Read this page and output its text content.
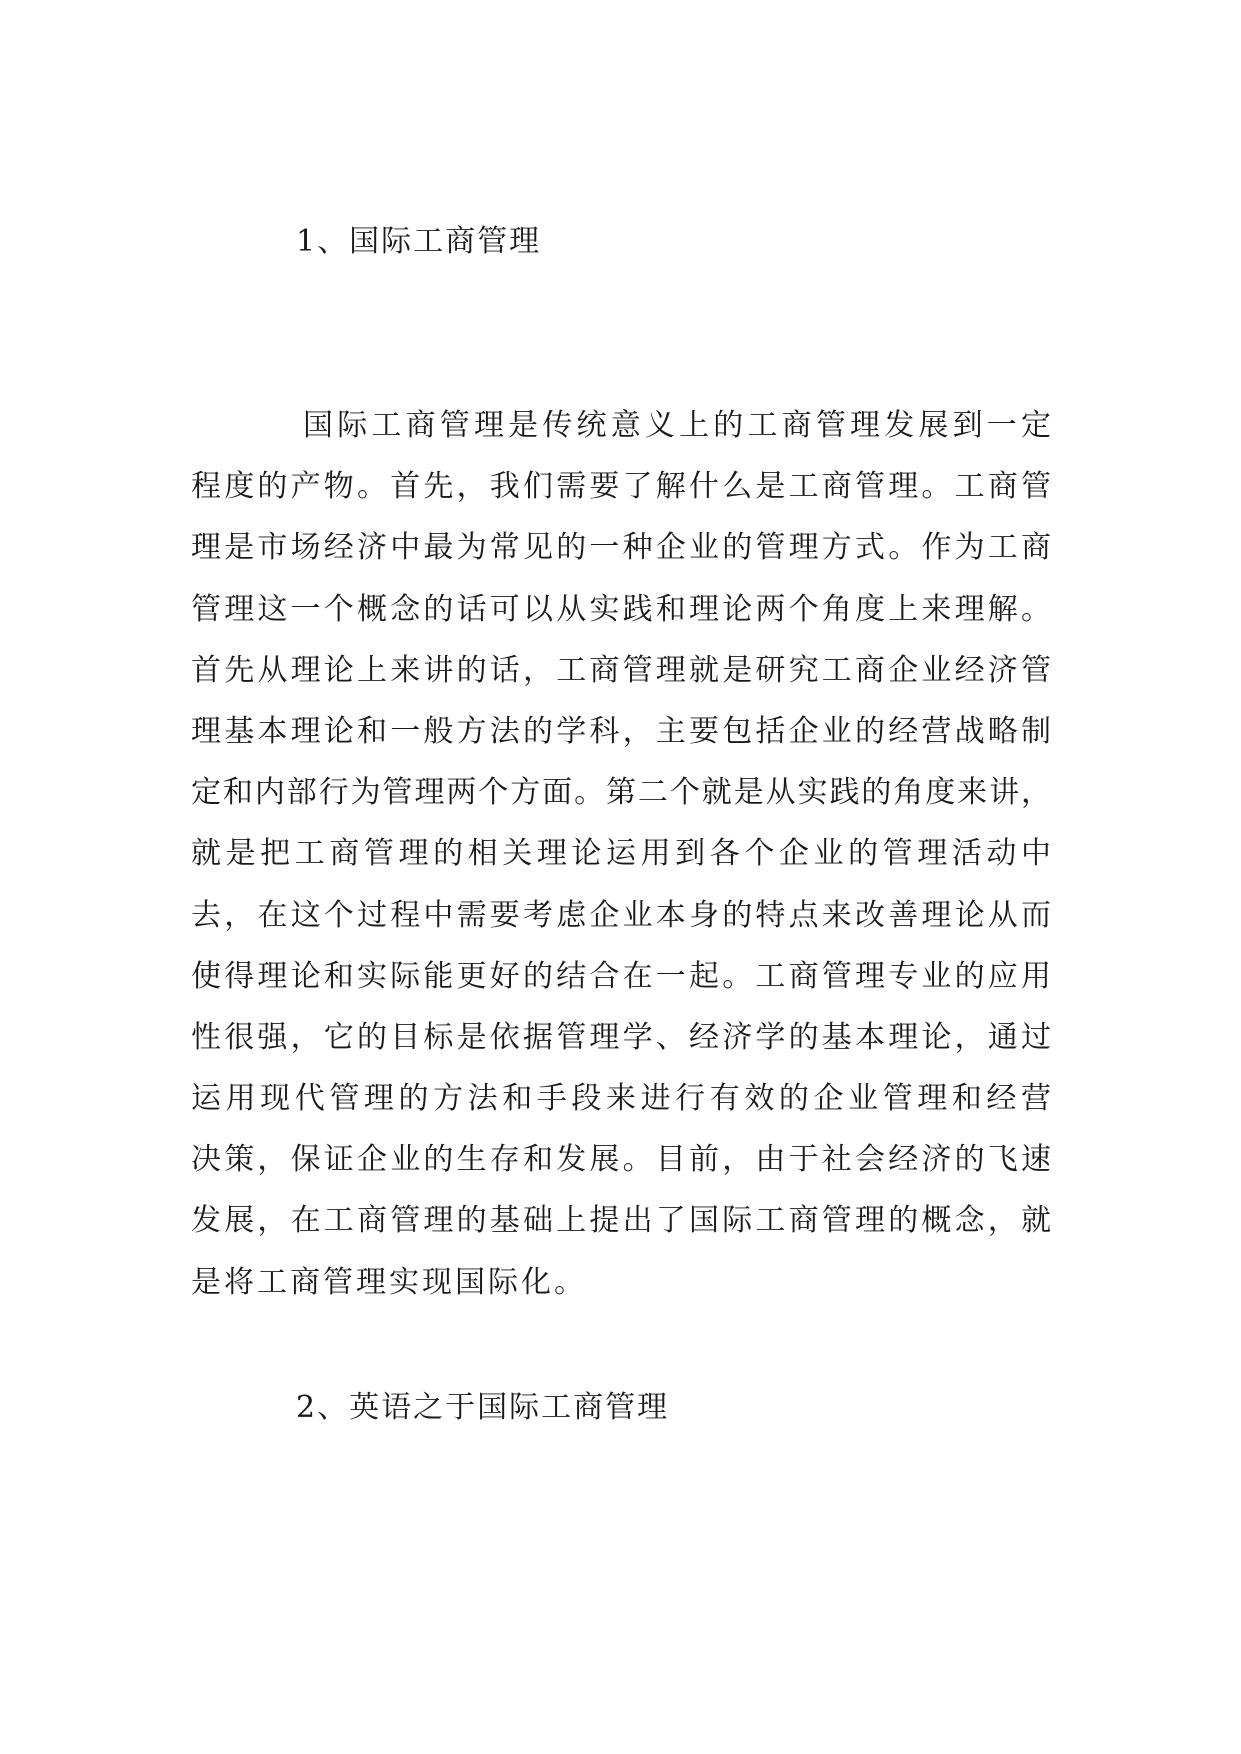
1、国际工商管理
国际工商管理是传统意义上的工商管理发展到一定
程度的产物。首先，我们需要了解什么是工商管理。工商管
理是市场经济中最为常见的一种企业的管理方式。作为工商
管理这一个概念的话可以从实践和理论两个角度上来理解。
首先从理论上来讲的话，工商管理就是研究工商企业经济管
理基本理论和一般方法的学科，主要包括企业的经营战略制
定和内部行为管理两个方面。第二个就是从实践的角度来讲，
就是把工商管理的相关理论运用到各个企业的管理活动中
去，在这个过程中需要考虑企业本身的特点来改善理论从而
使得理论和实际能更好的结合在一起。工商管理专业的应用
性很强，它的目标是依据管理学、经济学的基本理论，通过
运用现代管理的方法和手段来进行有效的企业管理和经营
决策，保证企业的生存和发展。目前，由于社会经济的飞速
发展，在工商管理的基础上提出了国际工商管理的概念，就
是将工商管理实现国际化。
2、英语之于国际工商管理
